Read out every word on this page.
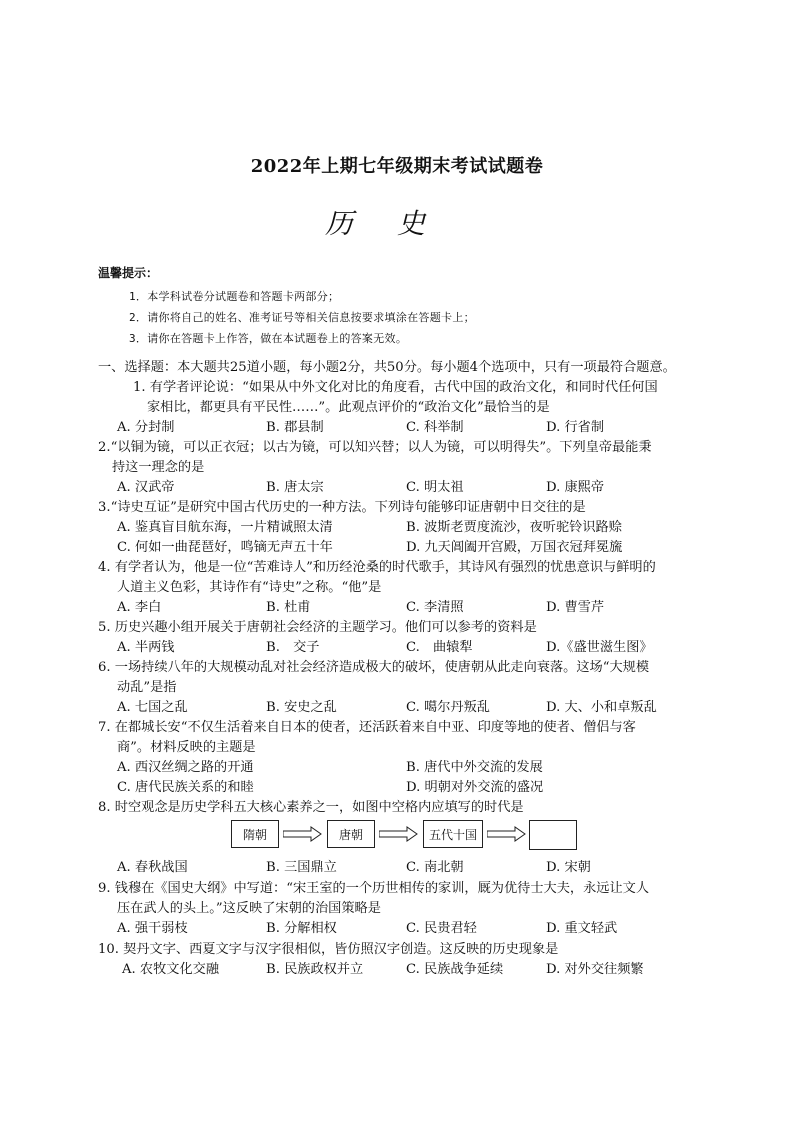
2022年上期七年级期末考试试题卷
历史
温馨提示：
1．本学科试卷分试题卷和答题卡两部分；
2．请你将自己的姓名、准考证号等相关信息按要求填涂在答题卡上；
3．请你在答题卡上作答，做在本试题卷上的答案无效。
一、选择题：本大题共25道小题，每小题2分，共50分。每小题4个选项中，只有一项最符合题意。
1. 有学者评论说：“如果从中外文化对比的角度看，古代中国的政治文化，和同时代任何国
家相比，都更具有平民性……”。此观点评价的“政治文化”最恰当的是
A. 分封制	B. 郡县制	C. 科举制	D. 行省制
2.“以铜为镜，可以正衣冠；以古为镜，可以知兴替；以人为镜，可以明得失”。下列皇帝最能秉
持这一理念的是
A. 汉武帝	B. 唐太宗	C. 明太祖	D. 康熙帝
3.“诗史互证”是研究中国古代历史的一种方法。下列诗句能够印证唐朝中日交往的是
A. 鉴真盲目航东海，一片精诚照太清	B. 波斯老贾度流沙，夜听驼铃识路赊
C. 何如一曲琵琶好，鸣镝无声五十年	D. 九天阊阖开宫殿，万国衣冠拜冕旒
4. 有学者认为，他是一位“苦难诗人”和历经沧桑的时代歌手，其诗风有强烈的忧患意识与鲜明的
人道主义色彩，其诗作有“诗史”之称。“他”是
A. 李白	B. 杜甫	C. 李清照	D. 曹雪芹
5. 历史兴趣小组开展关于唐朝社会经济的主题学习。他们可以参考的资料是
A. 半两钱	B.　交子	C.　曲辕犁	D.《盛世滋生图》
6. 一场持续八年的大规模动乱对社会经济造成极大的破坏，使唐朝从此走向衰落。这场“大规模
动乱”是指
A. 七国之乱	B. 安史之乱	C. 噶尔丹叛乱	D. 大、小和卓叛乱
7. 在都城长安“不仅生活着来自日本的使者，还活跃着来自中亚、印度等地的使者、僧侣与客
商”。材料反映的主题是
A. 西汉丝绸之路的开通	B. 唐代中外交流的发展
C. 唐代民族关系的和睦	D. 明朝对外交流的盛况
8. 时空观念是历史学科五大核心素养之一，如图中空格内应填写的时代是
隋朝	唐朝	五代十国
A. 春秋战国	B. 三国鼎立	C. 南北朝	D. 宋朝
9. 钱穆在《国史大纲》中写道：“宋王室的一个历世相传的家训，厩为优待士大夫，永远让文人
压在武人的头上。”这反映了宋朝的治国策略是
A. 强干弱枝	B. 分解相权	C. 民贵君轻	D. 重文轻武
10. 契丹文字、西夏文字与汉字很相似，皆仿照汉字创造。这反映的历史现象是
A. 农牧文化交融	B. 民族政权并立	C. 民族战争延续	D. 对外交往频繁
